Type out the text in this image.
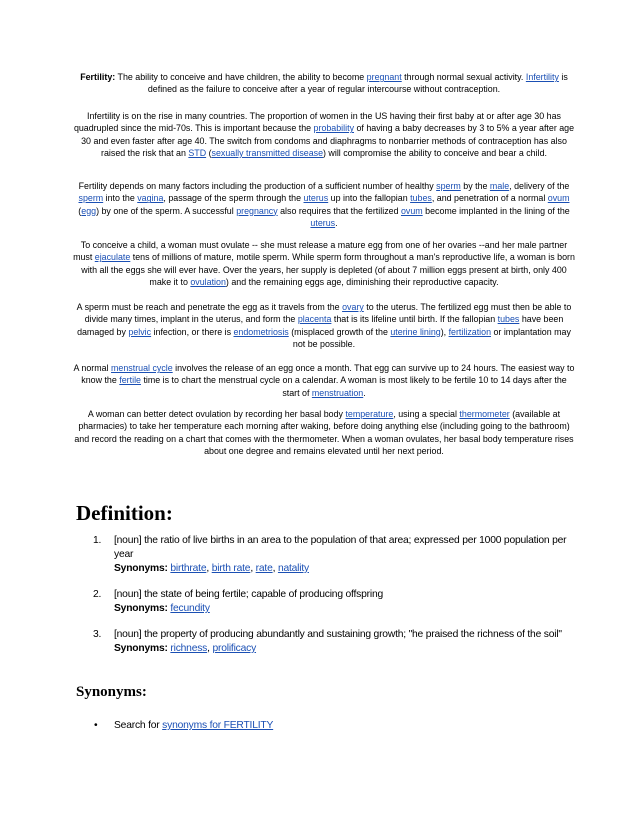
Fertility: The ability to conceive and have children, the ability to become pregnant through normal sexual activity. Infertility is defined as the failure to conceive after a year of regular intercourse without contraception.

Infertility is on the rise in many countries. The proportion of women in the US having their first baby at or after age 30 has quadrupled since the mid-70s. This is important because the probability of having a baby decreases by 3 to 5% a year after age 30 and even faster after age 40. The switch from condoms and diaphragms to nonbarrier methods of contraception has also raised the risk that an STD (sexually transmitted disease) will compromise the ability to conceive and bear a child.

Fertility depends on many factors including the production of a sufficient number of healthy sperm by the male, delivery of the sperm into the vagina, passage of the sperm through the uterus up into the fallopian tubes, and penetration of a normal ovum (egg) by one of the sperm. A successful pregnancy also requires that the fertilized ovum become implanted in the lining of the uterus.

To conceive a child, a woman must ovulate -- she must release a mature egg from one of her ovaries --and her male partner must ejaculate tens of millions of mature, motile sperm. While sperm form throughout a man's reproductive life, a woman is born with all the eggs she will ever have. Over the years, her supply is depleted (of about 7 million eggs present at birth, only 400 make it to ovulation) and the remaining eggs age, diminishing their reproductive capacity.

A sperm must be reach and penetrate the egg as it travels from the ovary to the uterus. The fertilized egg must then be able to divide many times, implant in the uterus, and form the placenta that is its lifeline until birth. If the fallopian tubes have been damaged by pelvic infection, or there is endometriosis (misplaced growth of the uterine lining), fertilization or implantation may not be possible.

A normal menstrual cycle involves the release of an egg once a month. That egg can survive up to 24 hours. The easiest way to know the fertile time is to chart the menstrual cycle on a calendar. A woman is most likely to be fertile 10 to 14 days after the start of menstruation.

A woman can better detect ovulation by recording her basal body temperature, using a special thermometer (available at pharmacies) to take her temperature each morning after waking, before doing anything else (including going to the bathroom) and record the reading on a chart that comes with the thermometer. When a woman ovulates, her basal body temperature rises about one degree and remains elevated until her next period.

Definition:
1.	[noun] the ratio of live births in an area to the population of that area; expressed per 1000 population per year
Synonyms: birthrate, birth rate, rate, natality
2.	[noun] the state of being fertile; capable of producing offspring
Synonyms: fecundity
3.	[noun] the property of producing abundantly and sustaining growth; "he praised the richness of the soil"
Synonyms: richness, prolificacy
Synonyms:
• Search for synonyms for FERTILITY
